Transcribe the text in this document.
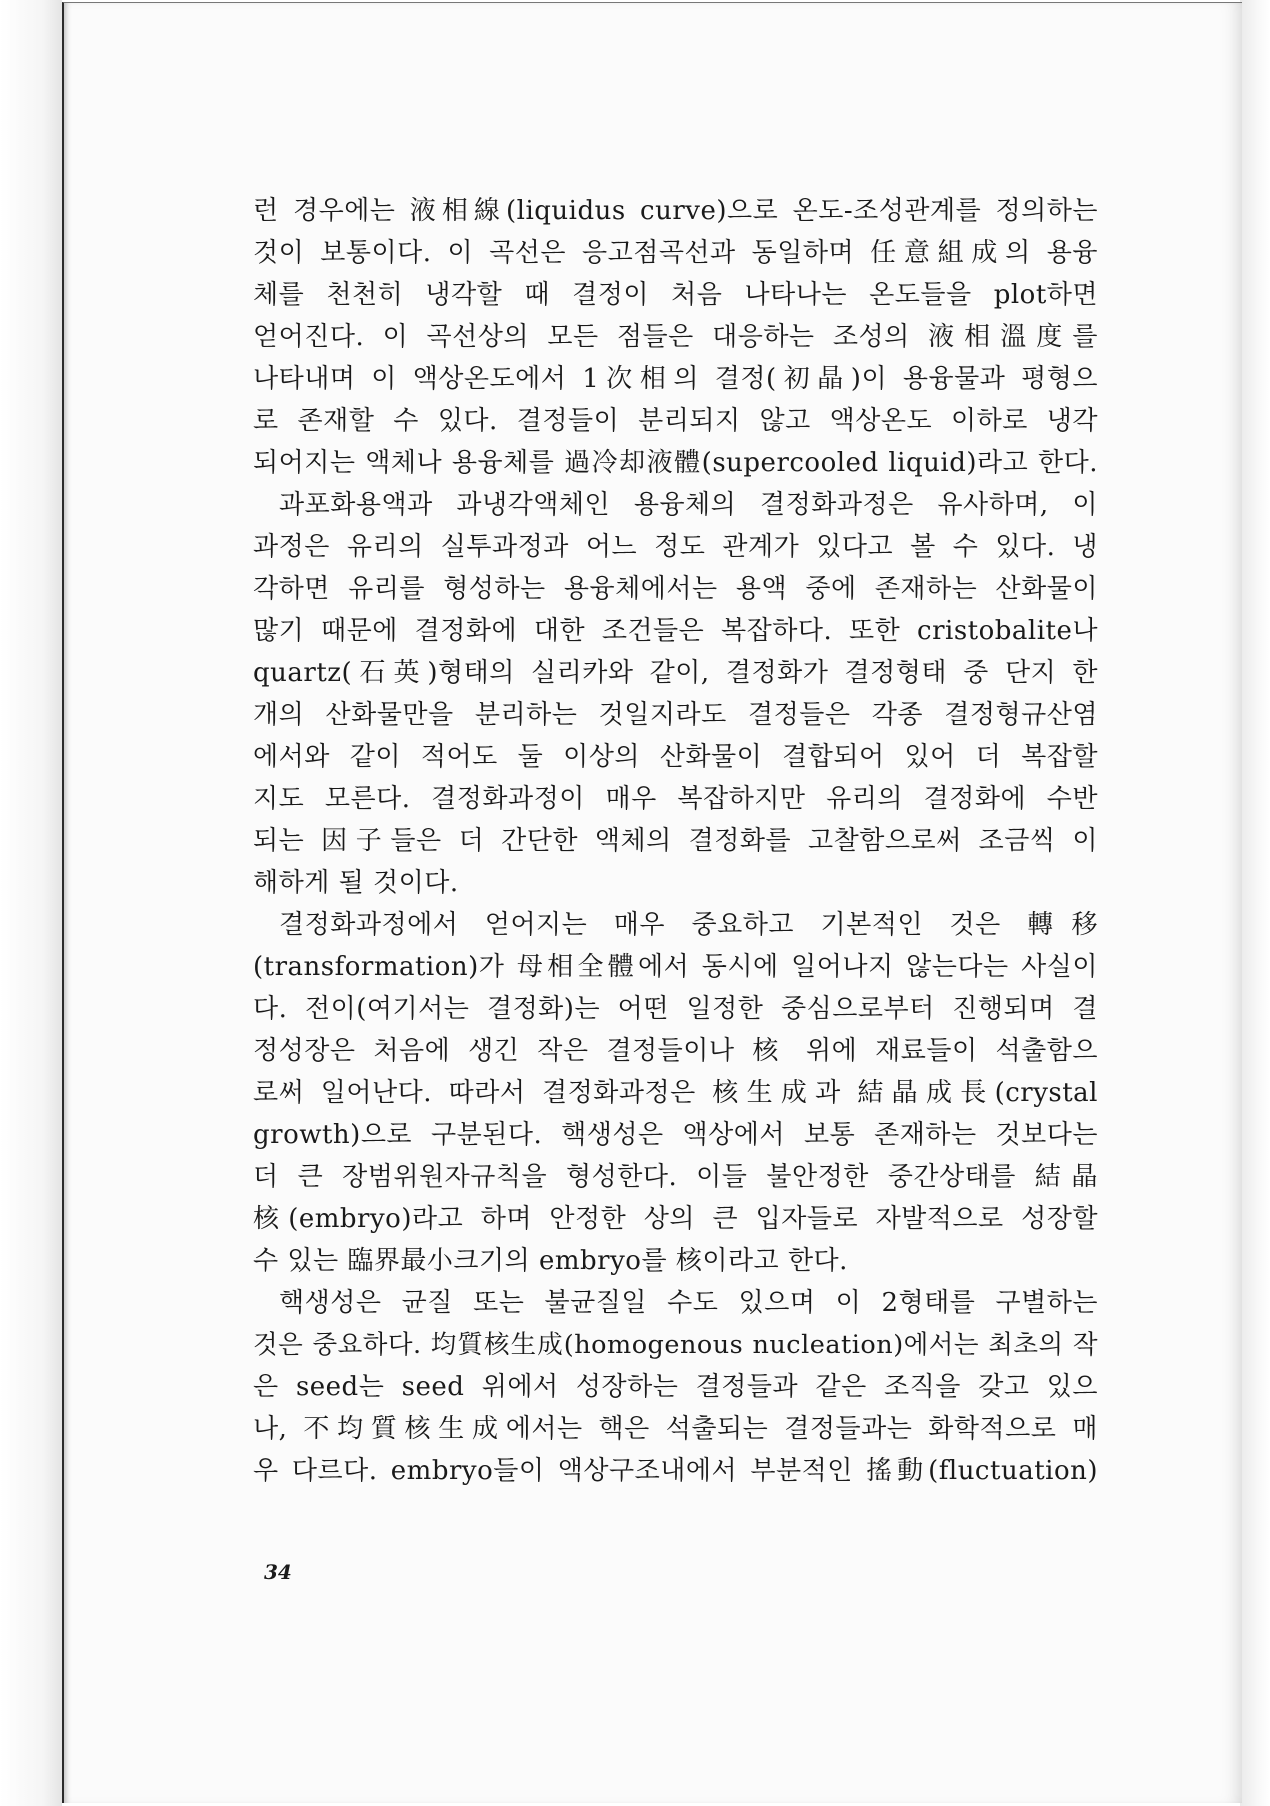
런 경우에는 液相線(liquidus curve)으로 온도-조성관계를 정의하는
것이 보통이다. 이 곡선은 응고점곡선과 동일하며 任意組成의 용융
체를 천천히 냉각할 때 결정이 처음 나타나는 온도들을 plot하면
얻어진다. 이 곡선상의 모든 점들은 대응하는 조성의 液相溫度를
나타내며 이 액상온도에서 1次相의 결정(初晶)이 용융물과 평형으
로 존재할 수 있다. 결정들이 분리되지 않고 액상온도 이하로 냉각
되어지는 액체나 용융체를 過冷却液體(supercooled liquid)라고 한다.
과포화용액과 과냉각액체인 용융체의 결정화과정은 유사하며, 이
과정은 유리의 실투과정과 어느 정도 관계가 있다고 볼 수 있다. 냉
각하면 유리를 형성하는 용융체에서는 용액 중에 존재하는 산화물이
많기 때문에 결정화에 대한 조건들은 복잡하다. 또한 cristobalite나
quartz(石英)형태의 실리카와 같이, 결정화가 결정형태 중 단지 한
개의 산화물만을 분리하는 것일지라도 결정들은 각종 결정형규산염
에서와 같이 적어도 둘 이상의 산화물이 결합되어 있어 더 복잡할
지도 모른다. 결정화과정이 매우 복잡하지만 유리의 결정화에 수반
되는 因子들은 더 간단한 액체의 결정화를 고찰함으로써 조금씩 이
해하게 될 것이다.
결정화과정에서 얻어지는 매우 중요하고 기본적인 것은 轉移
(transformation)가 母相全體에서 동시에 일어나지 않는다는 사실이
다. 전이(여기서는 결정화)는 어떤 일정한 중심으로부터 진행되며 결
정성장은 처음에 생긴 작은 결정들이나 核 위에 재료들이 석출함으
로써 일어난다. 따라서 결정화과정은 核生成과 結晶成長(crystal
growth)으로 구분된다. 핵생성은 액상에서 보통 존재하는 것보다는
더 큰 장범위원자규칙을 형성한다. 이들 불안정한 중간상태를 結晶
核(embryo)라고 하며 안정한 상의 큰 입자들로 자발적으로 성장할
수 있는 臨界最小크기의 embryo를 核이라고 한다.
핵생성은 균질 또는 불균질일 수도 있으며 이 2형태를 구별하는
것은 중요하다. 均質核生成(homogenous nucleation)에서는 최초의 작
은 seed는 seed 위에서 성장하는 결정들과 같은 조직을 갖고 있으
나, 不均質核生成에서는 핵은 석출되는 결정들과는 화학적으로 매
우 다르다. embryo들이 액상구조내에서 부분적인 搖動(fluctuation)
34
